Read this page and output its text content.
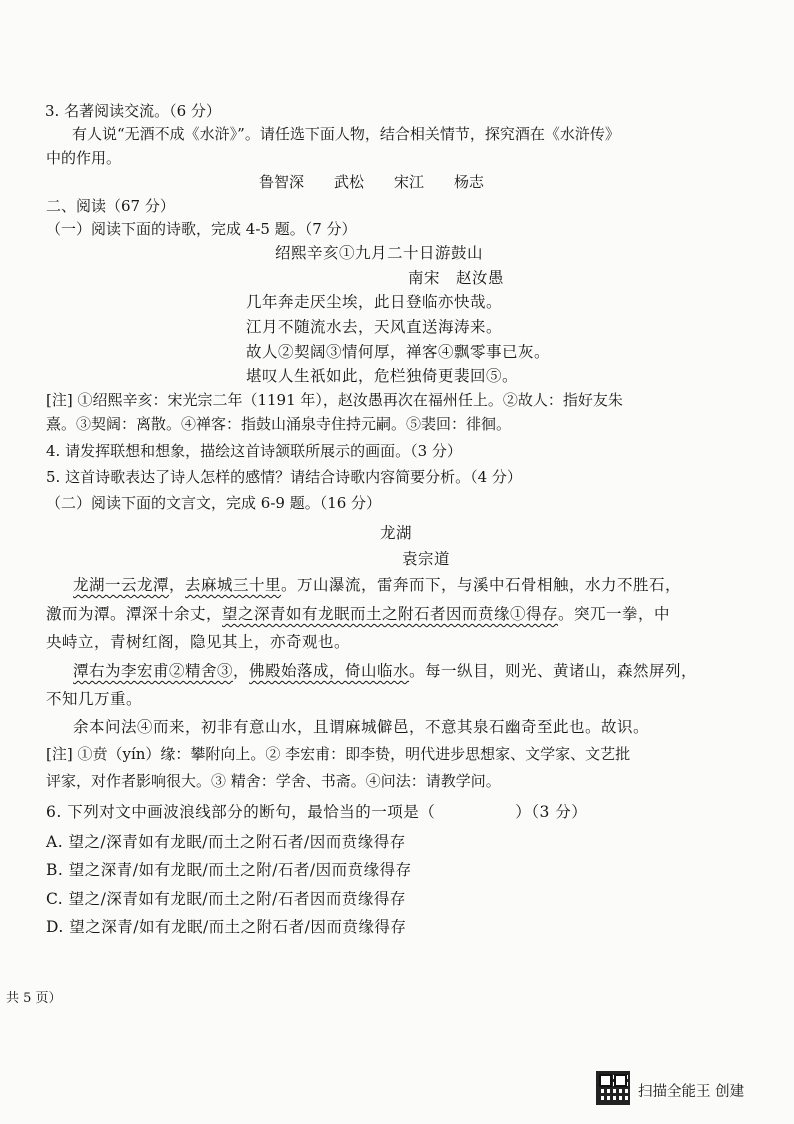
3. 名著阅读交流。（6 分）
有人说“无酒不成《水浒》”。请任选下面人物，结合相关情节，探究酒在《水浒传》
中的作用。
鲁智深　　武松　　宋江　　杨志
二、阅读（67 分）
（一）阅读下面的诗歌，完成 4-5 题。（7 分）
绍熙辛亥①九月二十日游鼓山
南宋　赵汝愚
几年奔走厌尘埃，此日登临亦快哉。
江月不随流水去，天风直送海涛来。
故人②契阔③情何厚，禅客④飘零事已灰。
堪叹人生祇如此，危栏独倚更裴回⑤。
[注] ①绍熙辛亥：宋光宗二年（1191 年），赵汝愚再次在福州任上。②故人：指好友朱
熹。③契阔：离散。④禅客：指鼓山涌泉寺住持元嗣。⑤裴回：徘徊。
4. 请发挥联想和想象，描绘这首诗颔联所展示的画面。（3 分）
5. 这首诗歌表达了诗人怎样的感情？请结合诗歌内容简要分析。（4 分）
（二）阅读下面的文言文，完成 6-9 题。（16 分）
龙湖
袁宗道
龙湖一云龙潭，去麻城三十里。万山瀑流，雷奔而下，与溪中石骨相触，水力不胜石，
激而为潭。潭深十余丈，望之深青如有龙眠而土之附石者因而贲缘①得存。突兀一拳，中
央峙立，青树红阁，隐见其上，亦奇观也。
潭右为李宏甫②精舍③，佛殿始落成，倚山临水。每一纵目，则光、黄诸山，森然屏列，
不知几万重。
余本问法④而来，初非有意山水，且谓麻城僻邑，不意其泉石幽奇至此也。故识。
[注] ①贲（yín）缘：攀附向上。② 李宏甫：即李贽，明代进步思想家、文学家、文艺批
评家，对作者影响很大。③ 精舍：学舍、书斋。④问法：请教学问。
6. 下列对文中画波浪线部分的断句，最恰当的一项是（　　　　　）（3 分）
A. 望之/深青如有龙眠/而土之附石者/因而贲缘得存
B. 望之深青/如有龙眠/而土之附/石者/因而贲缘得存
C. 望之/深青如有龙眠/而土之附/石者因而贲缘得存
D. 望之深青/如有龙眠/而土之附石者/因而贲缘得存
共 5 页）
扫描全能王 创建
